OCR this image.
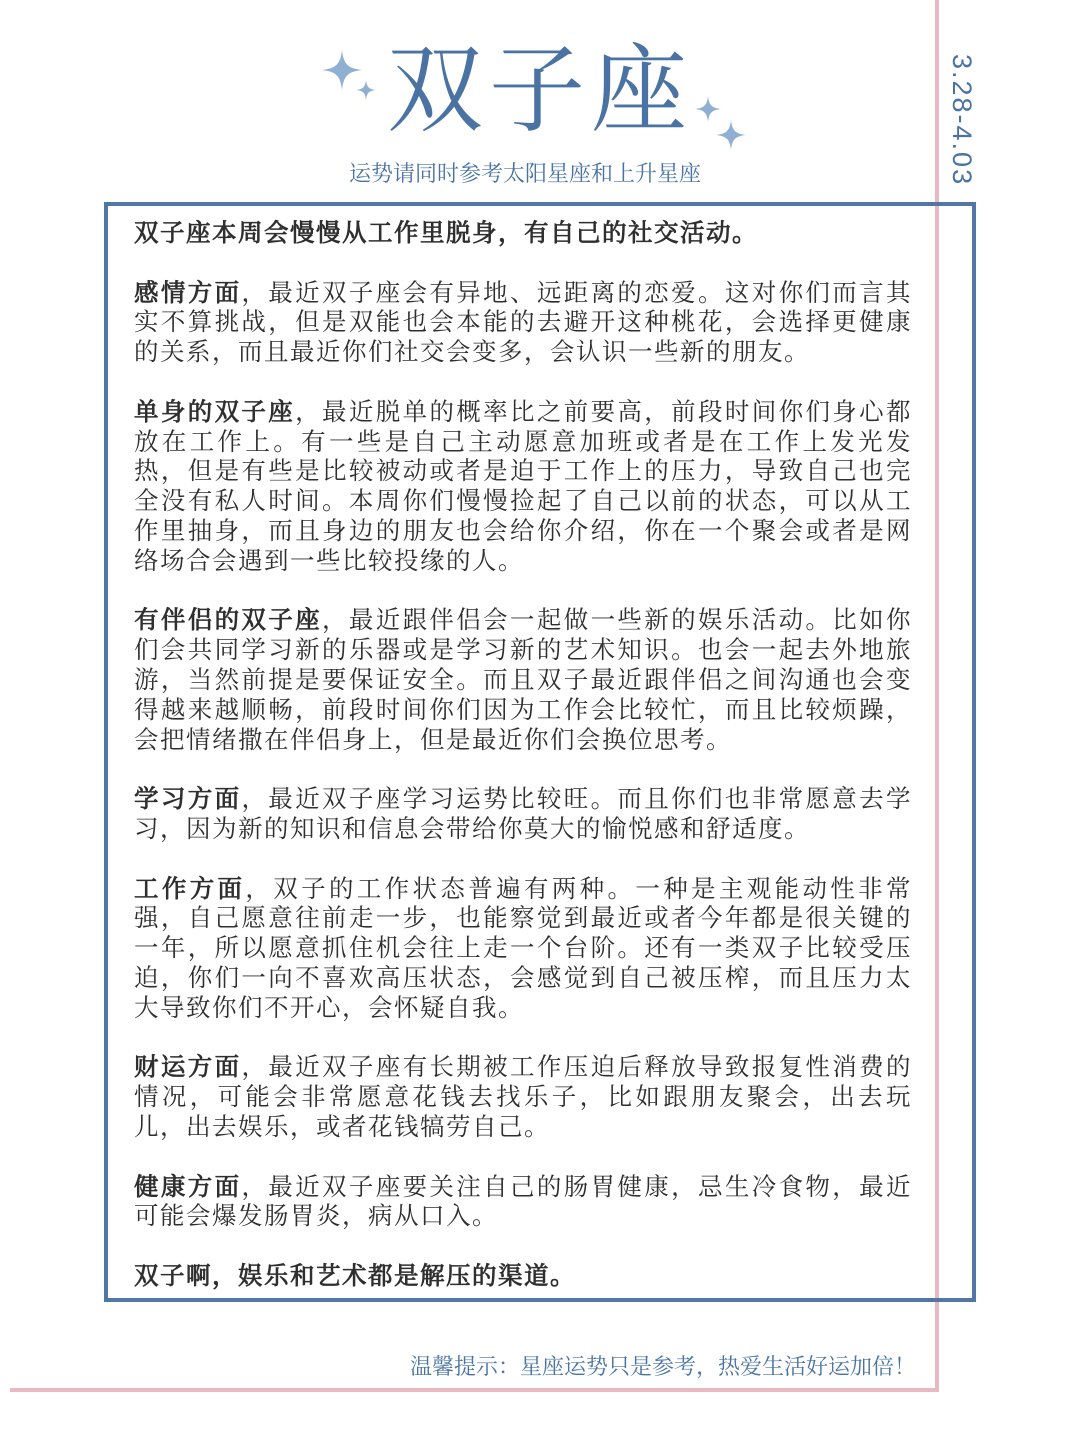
3.28-4.03
双子座
运势请同时参考太阳星座和上升星座

双子座本周会慢慢从工作里脱身，有自己的社交活动。

感情方面，最近双子座会有异地、远距离的恋爱。这对你们而言其实不算挑战，但是双能也会本能的去避开这种桃花，会选择更健康的关系，而且最近你们社交会变多，会认识一些新的朋友。

单身的双子座，最近脱单的概率比之前要高，前段时间你们身心都放在工作上。有一些是自己主动愿意加班或者是在工作上发光发热，但是有些是比较被动或者是迫于工作上的压力，导致自己也完全没有私人时间。本周你们慢慢捡起了自己以前的状态，可以从工作里抽身，而且身边的朋友也会给你介绍，你在一个聚会或者是网络场合会遇到一些比较投缘的人。

有伴侣的双子座，最近跟伴侣会一起做一些新的娱乐活动。比如你们会共同学习新的乐器或是学习新的艺术知识。也会一起去外地旅游，当然前提是要保证安全。而且双子最近跟伴侣之间沟通也会变得越来越顺畅，前段时间你们因为工作会比较忙，而且比较烦躁，会把情绪撒在伴侣身上，但是最近你们会换位思考。

学习方面，最近双子座学习运势比较旺。而且你们也非常愿意去学习，因为新的知识和信息会带给你莫大的愉悦感和舒适度。

工作方面，双子的工作状态普遍有两种。一种是主观能动性非常强，自己愿意往前走一步，也能察觉到最近或者今年都是很关键的一年，所以愿意抓住机会往上走一个台阶。还有一类双子比较受压迫，你们一向不喜欢高压状态，会感觉到自己被压榨，而且压力太大导致你们不开心，会怀疑自我。

财运方面，最近双子座有长期被工作压迫后释放导致报复性消费的情况，可能会非常愿意花钱去找乐子，比如跟朋友聚会，出去玩儿，出去娱乐，或者花钱犒劳自己。

健康方面，最近双子座要关注自己的肠胃健康，忌生冷食物，最近可能会爆发肠胃炎，病从口入。

双子啊，娱乐和艺术都是解压的渠道。

温馨提示：星座运势只是参考，热爱生活好运加倍！
